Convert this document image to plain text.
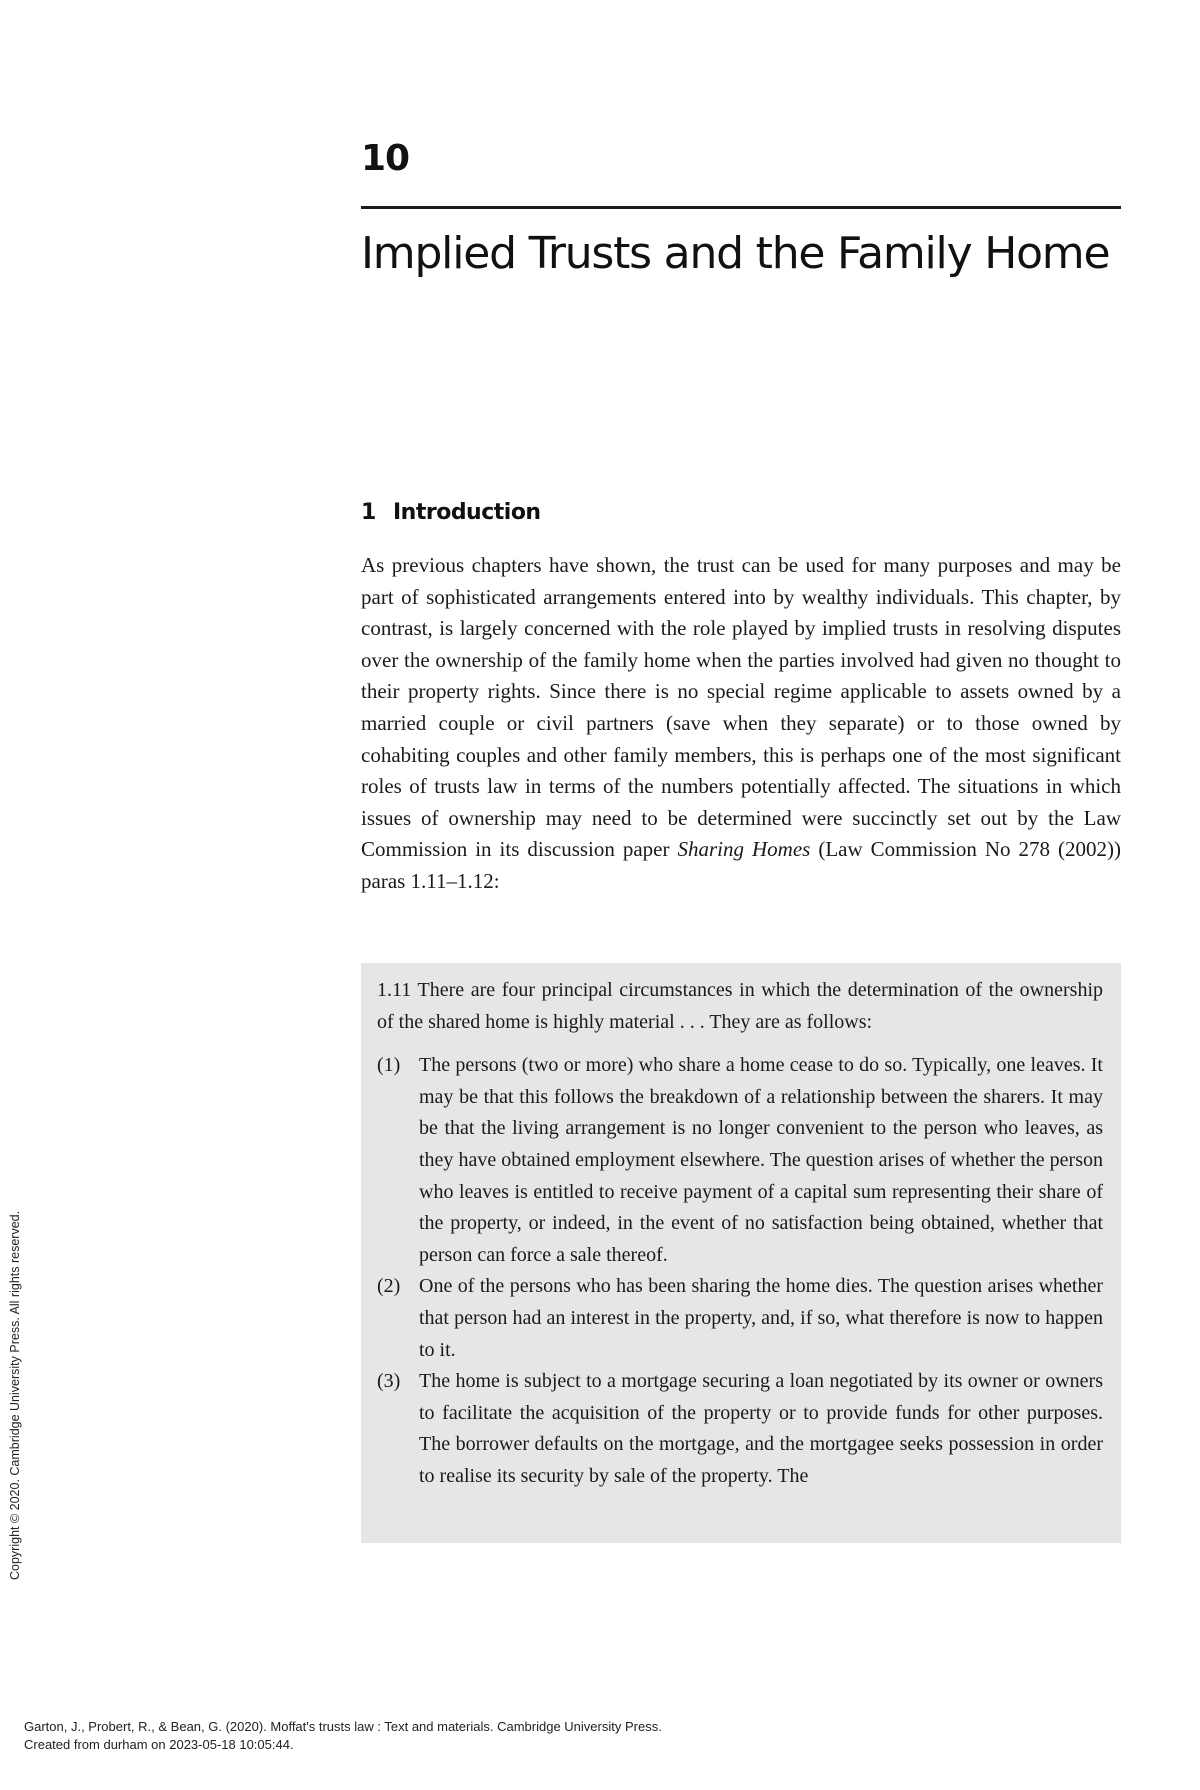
10
Implied Trusts and the Family Home
1 Introduction

As previous chapters have shown, the trust can be used for many purposes and may be part of sophisticated arrangements entered into by wealthy individuals. This chapter, by contrast, is largely concerned with the role played by implied trusts in resolving disputes over the ownership of the family home when the parties involved had given no thought to their property rights. Since there is no special regime applicable to assets owned by a married couple or civil partners (save when they separate) or to those owned by cohabiting couples and other family members, this is perhaps one of the most significant roles of trusts law in terms of the numbers potentially affected. The situations in which issues of ownership may need to be determined were succinctly set out by the Law Commission in its discussion paper Sharing Homes (Law Commission No 278 (2002)) paras 1.11–1.12:

1.11 There are four principal circumstances in which the determination of the ownership of the shared home is highly material . . . They are as follows:

(1) The persons (two or more) who share a home cease to do so. Typically, one leaves. It may be that this follows the breakdown of a relationship between the sharers. It may be that the living arrangement is no longer convenient to the person who leaves, as they have obtained employment elsewhere. The question arises of whether the person who leaves is entitled to receive payment of a capital sum representing their share of the property, or indeed, in the event of no satisfaction being obtained, whether that person can force a sale thereof.
(2) One of the persons who has been sharing the home dies. The question arises whether that person had an interest in the property, and, if so, what therefore is now to happen to it.
(3) The home is subject to a mortgage securing a loan negotiated by its owner or owners to facilitate the acquisition of the property or to provide funds for other purposes. The borrower defaults on the mortgage, and the mortgagee seeks possession in order to realise its security by sale of the property. The
Copyright © 2020. Cambridge University Press. All rights reserved.
Garton, J., Probert, R., & Bean, G. (2020). Moffat's trusts law : Text and materials. Cambridge University Press.
Created from durham on 2023-05-18 10:05:44.
